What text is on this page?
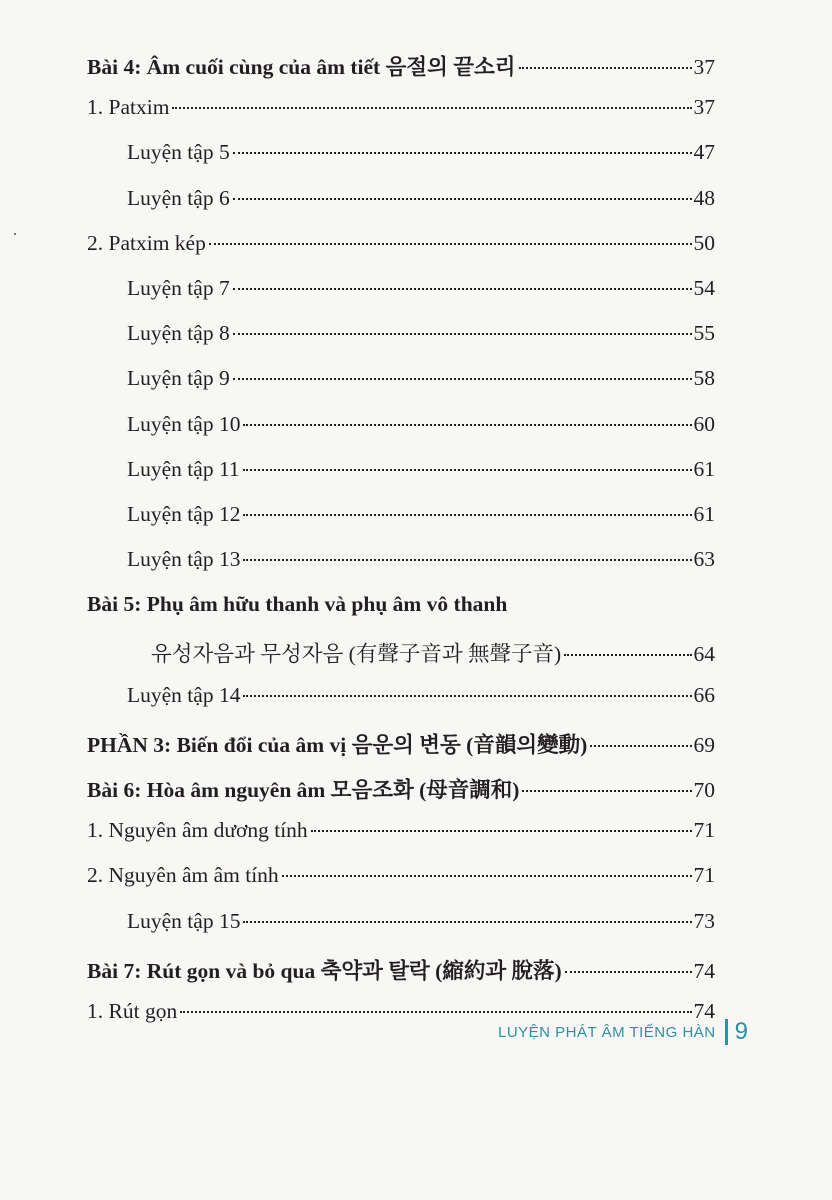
Bài 4: Âm cuối cùng của âm tiết 음절의 끝소리	37
1. Patxim	37
Luyện tập 5	47
Luyện tập 6	48
2. Patxim kép	50
Luyện tập 7	54
Luyện tập 8	55
Luyện tập 9	58
Luyện tập 10	60
Luyện tập 11	61
Luyện tập 12	61
Luyện tập 13	63
Bài 5: Phụ âm hữu thanh và phụ âm vô thanh
유성자음과 무성자음 (有聲子音과 無聲子音)	64
Luyện tập 14	66
PHẦN 3: Biến đổi của âm vị 음운의 변동 (音韻의變動)	69
Bài 6: Hòa âm nguyên âm 모음조화 (母音調和)	70
1. Nguyên âm dương tính	71
2. Nguyên âm âm tính	71
Luyện tập 15	73
Bài 7: Rút gọn và bỏ qua 축약과 탈락 (縮約과 脫落)	74
1. Rút gọn	74
LUYỆN PHÁT ÂM TIẾNG HÀN 9
